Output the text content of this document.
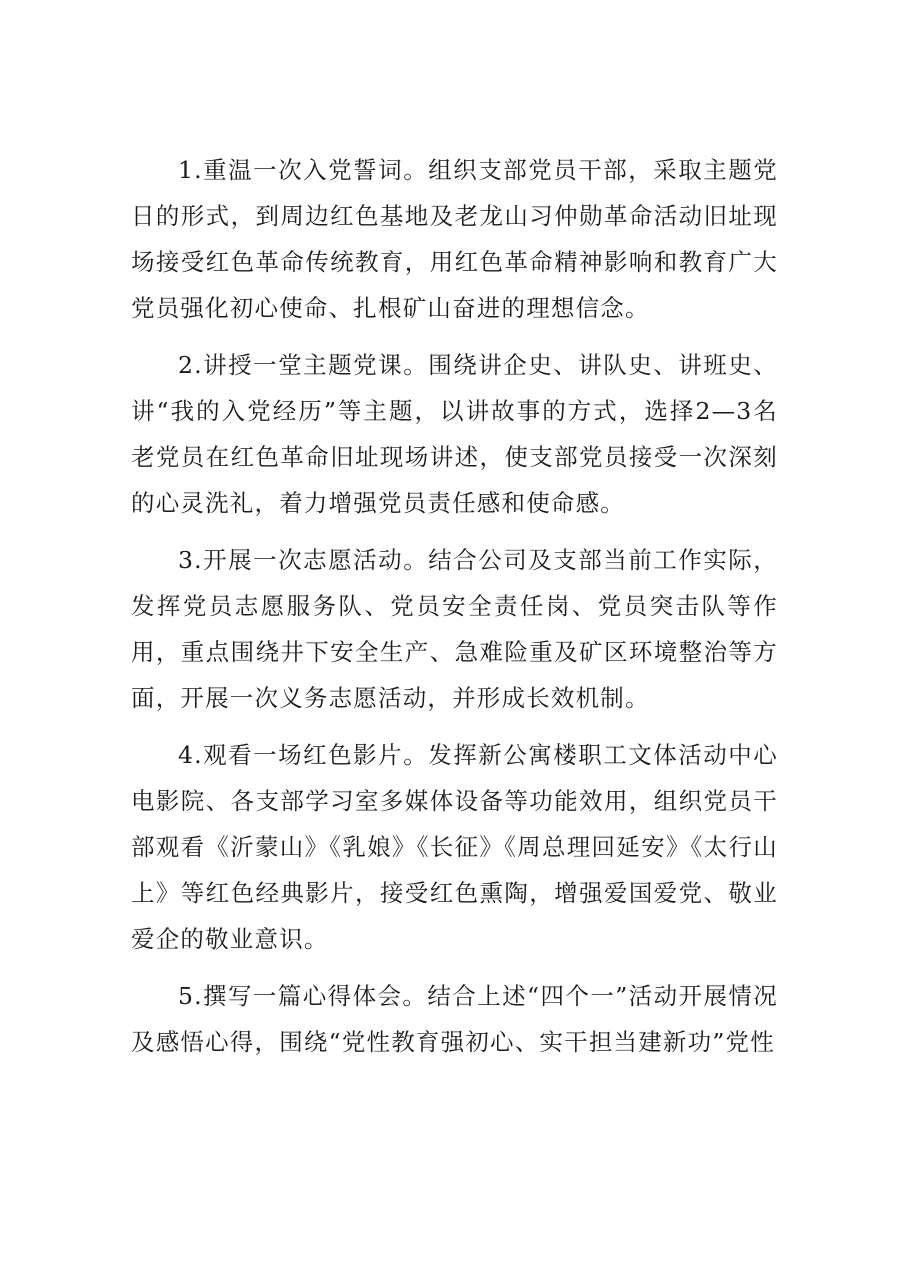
1.重温一次入党誓词。组织支部党员干部，采取主题党日的形式，到周边红色基地及老龙山习仲勋革命活动旧址现场接受红色革命传统教育，用红色革命精神影响和教育广大党员强化初心使命、扎根矿山奋进的理想信念。

2.讲授一堂主题党课。围绕讲企史、讲队史、讲班史、讲“我的入党经历”等主题，以讲故事的方式，选择2—3名老党员在红色革命旧址现场讲述，使支部党员接受一次深刻的心灵洗礼，着力增强党员责任感和使命感。

3.开展一次志愿活动。结合公司及支部当前工作实际，发挥党员志愿服务队、党员安全责任岗、党员突击队等作用，重点围绕井下安全生产、急难险重及矿区环境整治等方面，开展一次义务志愿活动，并形成长效机制。

4.观看一场红色影片。发挥新公寓楼职工文体活动中心电影院、各支部学习室多媒体设备等功能效用，组织党员干部观看《沂蒙山》《乳娘》《长征》《周总理回延安》《太行山上》等红色经典影片，接受红色熏陶，增强爱国爱党、敬业爱企的敬业意识。

5.撰写一篇心得体会。结合上述“四个一”活动开展情况及感悟心得，围绕“党性教育强初心、实干担当建新功”党性
